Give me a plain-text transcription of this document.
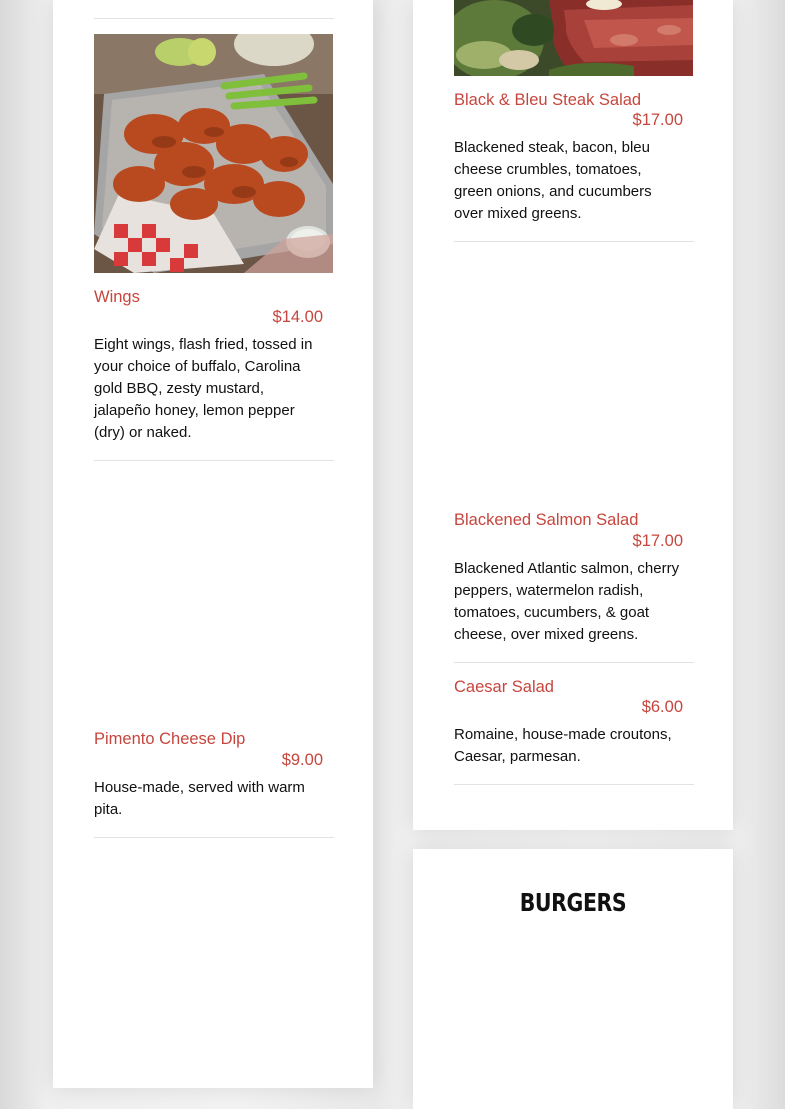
Wings
$14.00
Eight wings, flash fried, tossed in your choice of buffalo, Carolina gold BBQ, zesty mustard, jalapeño honey, lemon pepper (dry) or naked.
Pimento Cheese Dip
$9.00
House-made, served with warm pita.
Black & Bleu Steak Salad
$17.00
Blackened steak, bacon, bleu cheese crumbles, tomatoes, green onions, and cucumbers over mixed greens.
Blackened Salmon Salad
$17.00
Blackened Atlantic salmon, cherry peppers, watermelon radish, tomatoes, cucumbers, & goat cheese, over mixed greens.
Caesar Salad
$6.00
Romaine, house-made croutons, Caesar, parmesan.
BURGERS
